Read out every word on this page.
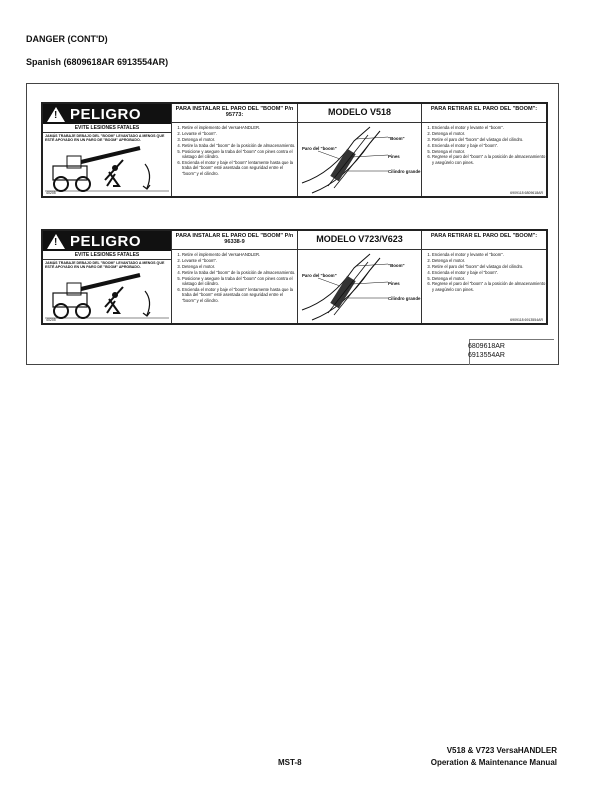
DANGER (CONT'D)
Spanish (6809618AR 6913554AR)
! PELIGRO
EVITE LESIONES FATALES
JAMÁS TRABAJE DEBAJO DEL "BOOM" LEVANTADO A MENOS QUE ESTÉ APOYADO EN UN PARO DE "BOOM" APROBADO.
40205
PARA INSTALAR EL PARO DEL "BOOM" P/n 95773:
1. Retire el implemento del VersaHANDLER.
2. Levante el "boom".
3. Detenga el motor.
4. Retire la traba del "boom" de la posición de almacenamiento.
5. Posicione y asegure la traba del "boom" con pines contra el vástago del cilindro.
6. Encienda el motor y baje el "boom" lentamente hasta que la traba del "boom" esté asentada con seguridad entre el "boom" y el cilindro.
MODELO V518
Paro del "boom"
"Boom"
Pines
Cilindro grande
PARA RETIRAR EL PARO DEL "BOOM":
1. Encienda el motor y levante el "boom".
2. Detenga el motor.
3. Retire el paro del "boom" del vástago del cilindro.
4. Encienda el motor y baje el "boom".
5. Detenga el motor.
6. Regrese el paro del "boom" a la posición de almacenamiento y asegúrelo con pines.
6909118 6809618AR
! PELIGRO
EVITE LESIONES FATALES
JAMÁS TRABAJE DEBAJO DEL "BOOM" LEVANTADO A MENOS QUE ESTÉ APOYADO EN UN PARO DE "BOOM" APROBADO.
40205
PARA INSTALAR EL PARO DEL "BOOM" P/n 96338-9
1. Retire el implemento del VersaHANDLER.
2. Levante el "boom".
3. Detenga el motor.
4. Retire la traba del "boom" de la posición de almacenamiento.
5. Posicione y asegure la traba del "boom" con pines contra el vástago del cilindro.
6. Encienda el motor y baje el "boom" lentamente hasta que la traba del "boom" esté asentada con seguridad entre el "boom" y el cilindro.
MODELO V723/V623
Paro del "boom"
"Boom"
Pines
Cilindro grande
PARA RETIRAR EL PARO DEL "BOOM":
1. Encienda el motor y levante el "boom".
2. Detenga el motor.
3. Retire el paro del "boom" del vástago del cilindro.
4. Encienda el motor y baje el "boom".
5. Detenga el motor.
6. Regrese el paro del "boom" a la posición de almacenamiento y asegúrelo con pines.
6909118 6913554AR
6809618AR
6913554AR
MST-8
V518 & V723 VersaHANDLER
Operation & Maintenance Manual
